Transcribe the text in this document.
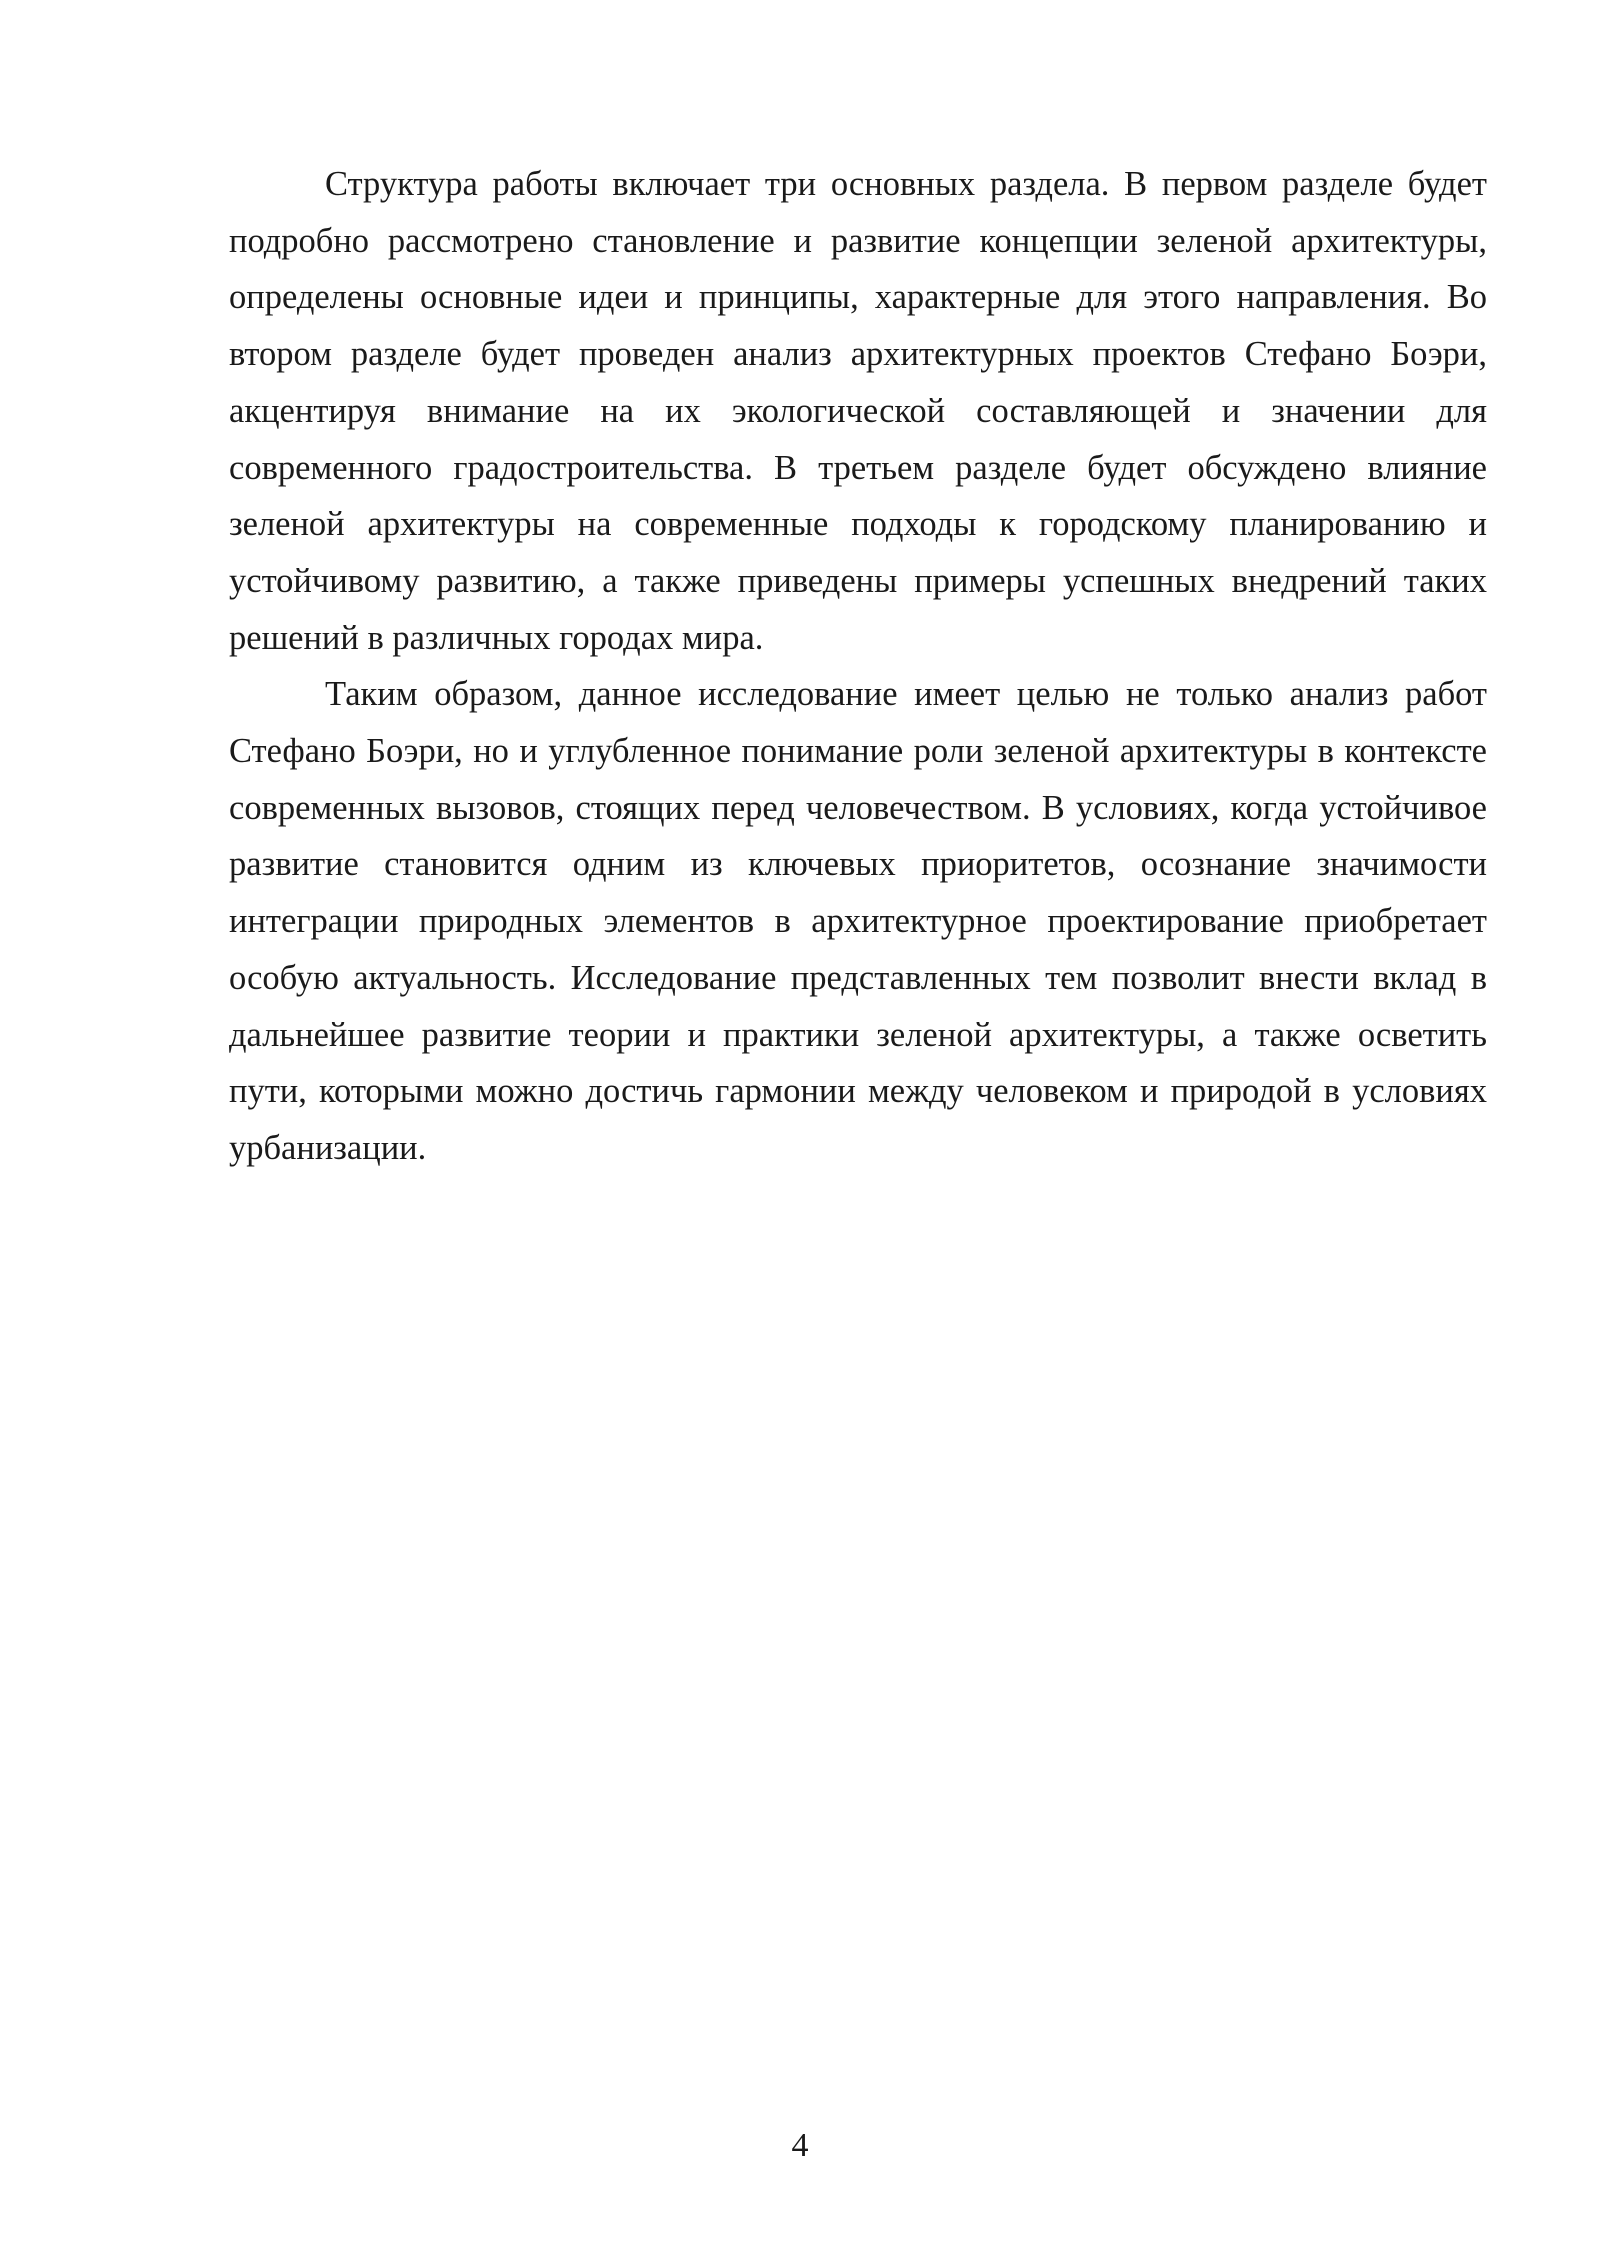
Структура работы включает три основных раздела. В первом разделе будет подробно рассмотрено становление и развитие концепции зеленой архитектуры, определены основные идеи и принципы, характерные для этого направления. Во втором разделе будет проведен анализ архитектурных проектов Стефано Боэри, акцентируя внимание на их экологической составляющей и значении для современного градостроительства. В третьем разделе будет обсуждено влияние зеленой архитектуры на современные подходы к городскому планированию и устойчивому развитию, а также приведены примеры успешных внедрений таких решений в различных городах мира.

Таким образом, данное исследование имеет целью не только анализ работ Стефано Боэри, но и углубленное понимание роли зеленой архитектуры в контексте современных вызовов, стоящих перед человечеством. В условиях, когда устойчивое развитие становится одним из ключевых приоритетов, осознание значимости интеграции природных элементов в архитектурное проектирование приобретает особую актуальность. Исследование представленных тем позволит внести вклад в дальнейшее развитие теории и практики зеленой архитектуры, а также осветить пути, которыми можно достичь гармонии между человеком и природой в условиях урбанизации.

4
